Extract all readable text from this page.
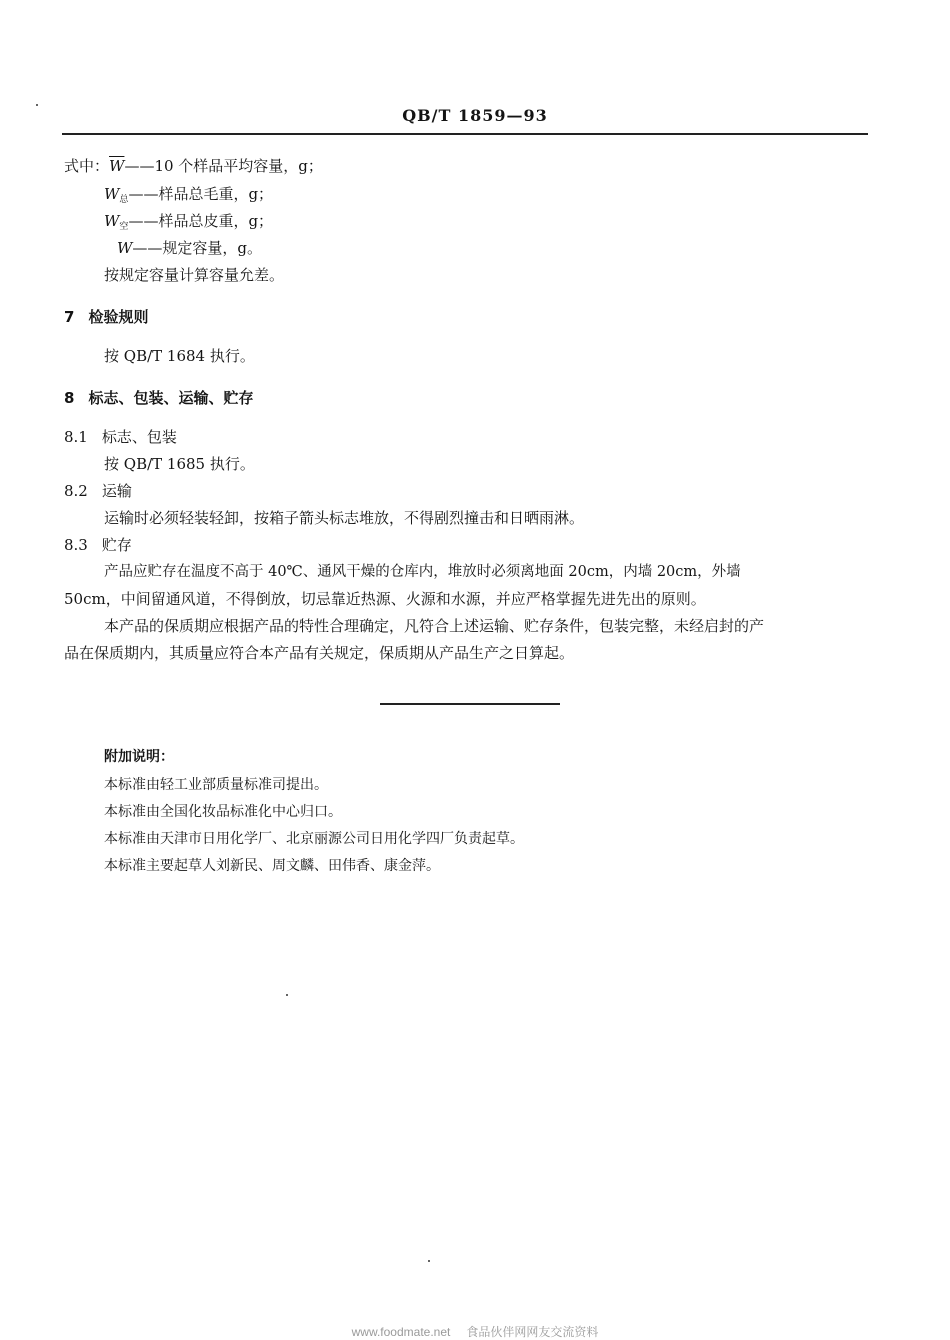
QB/T 1859—93
式中：$\overline{W}——10$ 个样品平均容量，g；
$W_总——$样品总毛重，g；
$W_空——$样品总皮重，g；
W——规定容量，g。
按规定容量计算容量允差。
7 检验规则
按 QB/T 1684 执行。
8 标志、包装、运输、贮存
8.1 标志、包装
按 QB/T 1685 执行。
8.2 运输
运输时必须轻装轻卸，按箱子箭头标志堆放，不得剧烈撞击和日晒雨淋。
8.3 贮存
产品应贮存在温度不高于 40℃、通风干燥的仓库内，堆放时必须离地面 20cm，内墙 20cm，外墙
50cm，中间留通风道，不得倒放，切忌靠近热源、火源和水源，并应严格掌握先进先出的原则。
本产品的保质期应根据产品的特性合理确定，凡符合上述运输、贮存条件，包装完整，未经启封的产
品在保质期内，其质量应符合本产品有关规定，保质期从产品生产之日算起。
附加说明：
本标准由轻工业部质量标准司提出。
本标准由全国化妆品标准化中心归口。
本标准由天津市日用化学厂、北京丽源公司日用化学四厂负责起草。
本标准主要起草人刘新民、周文麟、田伟香、康金萍。
www.foodmate.net 食品伙伴网网友交流资料
